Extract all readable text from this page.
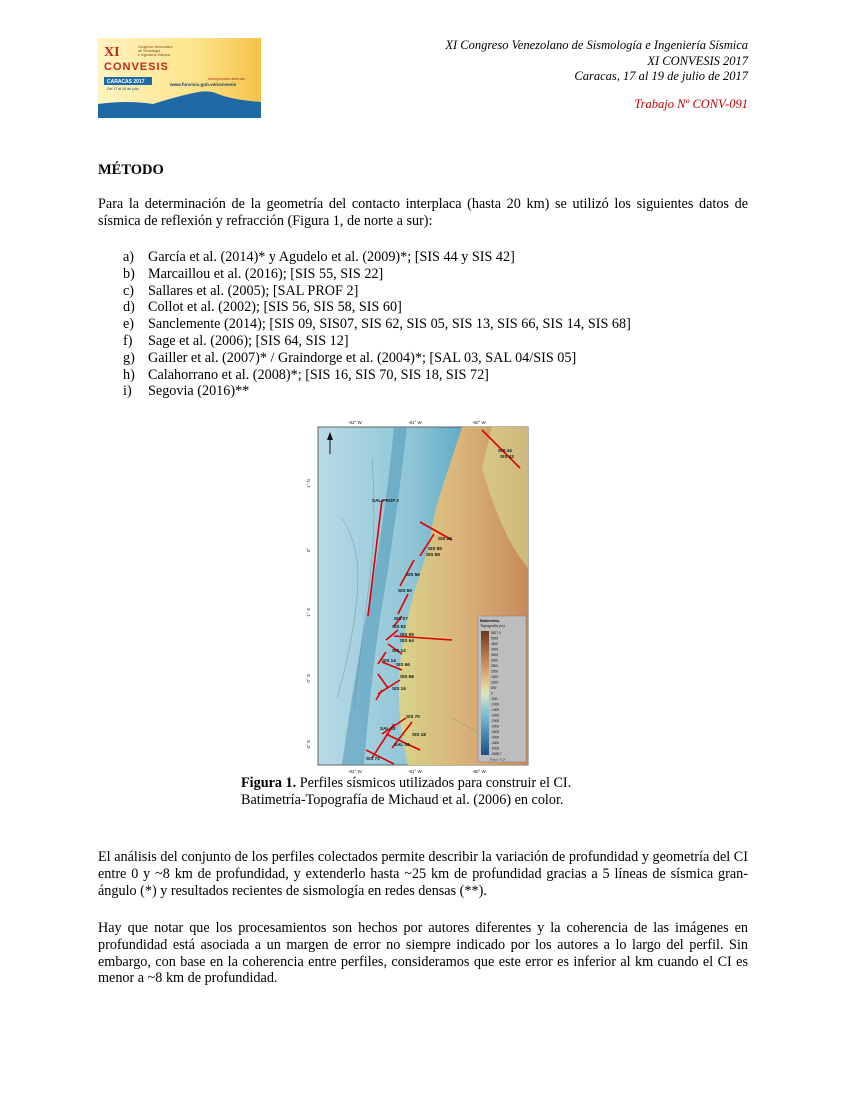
XI
CONVESIS
Congreso Venezolano
de Sismología
e Ingeniería Sísmica
CARACAS 2017
Del 17 al 19 de julio
Inscripciones abiertas
www.funvisis.gob.ve/convesis
XI Congreso Venezolano de Sismología e Ingeniería Sísmica
XI CONVESIS 2017
Caracas, 17 al 19 de julio de 2017
Trabajo Nº CONV-091
MÉTODO
Para la determinación de la geometría del contacto interplaca (hasta 20 km) se utilizó los siguientes datos de sísmica de reflexión y refracción (Figura 1, de norte a sur):
a) García et al. (2014)* y Agudelo et al. (2009)*; [SIS 44 y SIS 42]
b) Marcaillou et al. (2016); [SIS 55, SIS 22]
c) Sallares et al. (2005); [SAL PROF 2]
d) Collot et al. (2002); [SIS 56, SIS 58, SIS 60]
e) Sanclemente (2014); [SIS 09, SIS07, SIS 62, SIS 05, SIS 13, SIS 66, SIS 14, SIS 68]
f)	Sage et al. (2006); [SIS 64, SIS 12]
g) Gailler et al. (2007)* / Graindorge et al. (2004)*; [SAL 03, SAL 04/SIS 05]
h) Calahorrano et al. (2008)*; [SIS 16, SIS 70, SIS 18, SIS 72]
i)	Segovia (2016)**
SIS 44
SIS 42
SAL PROF 2
SIS 22
SIS 55
SIS 58
SIS 56
SIS 60
SIS 07
SIS 62
SIS 05
SIS 64
SIS 12
SIS 14
SIS 66
SIS 68
SIS 16
SIS 70
SAL 03
SIS 18
SAL 04
SIS 72
-82° W	-81° W	-80° W
-82° W	-81° W	-80° W
1° N
0°
-1° S
-2° S
-3° S
Batimetría-
Topografía (m)
5827.3
5000
4500
4000
3500
3000
2500
2000
1500
1000
500
0
-500
-1000
-1500
-2000
-2500
-3000
-3500
-4000
-4500
-5000
-5536.7
Datos: TCA
Figura 1. Perfiles sísmicos utilizados para construir el CI.
Batimetría-Topografía de Michaud et al. (2006) en color.
El análisis del conjunto de los perfiles colectados permite describir la variación de profundidad y geometría del CI entre 0 y ~8 km de profundidad, y extenderlo hasta ~25 km de profundidad gracias a 5 líneas de sísmica gran-ángulo (*) y resultados recientes de sismología en redes densas (**).
Hay que notar que los procesamientos son hechos por autores diferentes y la coherencia de las imágenes en profundidad está asociada a un margen de error no siempre indicado por los autores a lo largo del perfil. Sin embargo, con base en la coherencia entre perfiles, consideramos que este error es inferior al km cuando el CI es menor a ~8 km de profundidad.
